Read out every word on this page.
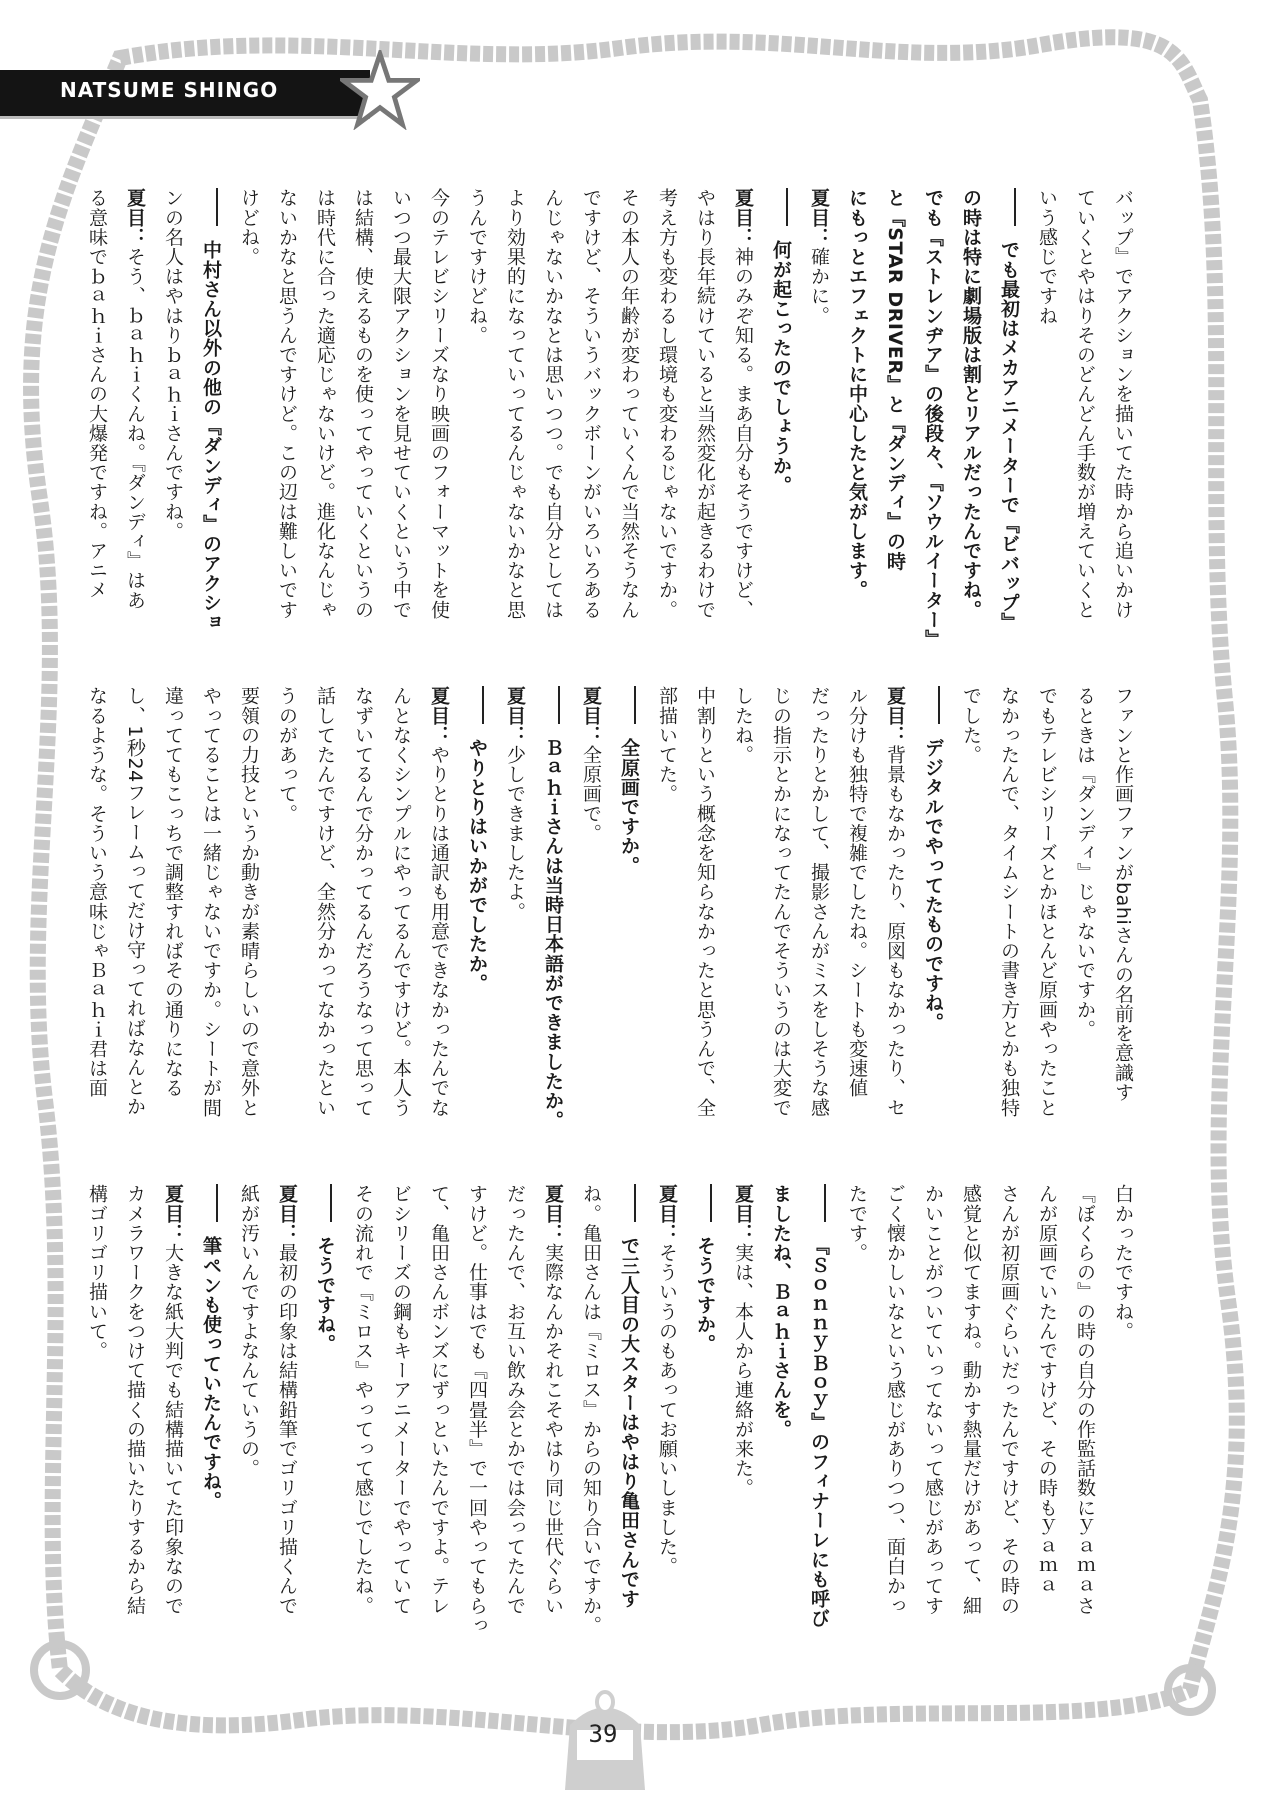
NATSUME SHINGO
バップ』でアクションを描いてた時から追いかけ
ていくとやはりそのどんどん手数が増えていくと
いう感じですね
でも最初はメカアニメーターで『ビバップ』
の時は特に劇場版は割とリアルだったんですね。
でも『ストレンヂア』の後段々、『ソウルイーター』
と『STAR DRIVER』と『ダンディ』の時
にもっとエフェクトに中心したと気がします。
夏目：確かに。
何が起こったのでしょうか。
夏目：神のみぞ知る。まあ自分もそうですけど、
やはり長年続けていると当然変化が起きるわけで
考え方も変わるし環境も変わるじゃないですか。
その本人の年齢が変わっていくんで当然そうなん
ですけど、そういうバックボーンがいろいろある
んじゃないかなとは思いつつ。でも自分としては
より効果的になっていってるんじゃないかなと思
うんですけどね。
今のテレビシリーズなり映画のフォーマットを使
いつつ最大限アクションを見せていくという中で
は結構、使えるものを使ってやっていくというの
は時代に合った適応じゃないけど。進化なんじゃ
ないかなと思うんですけど。この辺は難しいです
けどね。
中村さん以外の他の『ダンディ』のアクショ
ンの名人はやはりｂａｈｉさんですね。
夏目：そう、ｂａｈｉくんね。『ダンディ』はあ
る意味でｂａｈｉさんの大爆発ですね。アニメ
ファンと作画ファンがbahiさんの名前を意識す
るときは『ダンディ』じゃないですか。
でもテレビシリーズとかほとんど原画やったこと
なかったんで、タイムシートの書き方とかも独特
でした。
デジタルでやってたものですね。
夏目：背景もなかったり、原図もなかったり、セ
ル分けも独特で複雑でしたね。シートも変速値
だったりとかして、撮影さんがミスをしそうな感
じの指示とかになってたんでそういうのは大変で
したね。
中割りという概念を知らなかったと思うんで、全
部描いてた。
全原画ですか。
夏目：全原画で。
Ｂａｈｉさんは当時日本語ができましたか。
夏目：少しできましたよ。
やりとりはいかがでしたか。
夏目：やりとりは通訳も用意できなかったんでな
んとなくシンプルにやってるんですけど。本人う
なずいてるんで分かってるんだろうなって思って
話してたんですけど、全然分かってなかったとい
うのがあって。
要領の力技というか動きが素晴らしいので意外と
やってることは一緒じゃないですか。シートが間
違っててもこっちで調整すればその通りになる
し、1秒24フレームってだけ守ってればなんとか
なるような。そういう意味じゃＢａｈｉ君は面
白かったですね。
『ぼくらの』の時の自分の作監話数にｙａｍａさ
んが原画でいたんですけど、その時もｙａｍａ
さんが初原画ぐらいだったんですけど、その時の
感覚と似てますね。動かす熱量だけがあって、細
かいことがついていってないって感じがあってす
ごく懐かしいなという感じがありつつ、面白かっ
たです。
『ＳｏｎｎｙＢｏｙ』のフィナーレにも呼び
ましたね、Ｂａｈｉさんを。
夏目：実は、本人から連絡が来た。
そうですか。
夏目：そういうのもあってお願いしました。
で三人目の大スターはやはり亀田さんです
ね。亀田さんは『ミロス』からの知り合いですか。
夏目：実際なんかそれこそやはり同じ世代ぐらい
だったんで、お互い飲み会とかでは会ってたんで
すけど。仕事はでも『四畳半』で一回やってもらっ
て、亀田さんボンズにずっといたんですよ。テレ
ビシリーズの鋼もキーアニメーターでやっていて
その流れで『ミロス』やってって感じでしたね。
そうですね。
夏目：最初の印象は結構鉛筆でゴリゴリ描くんで
紙が汚いんですよなんていうの。
筆ペンも使っていたんですね。
夏目：大きな紙大判でも結構描いてた印象なので
カメラワークをつけて描くの描いたりするから結
構ゴリゴリ描いて。
39
